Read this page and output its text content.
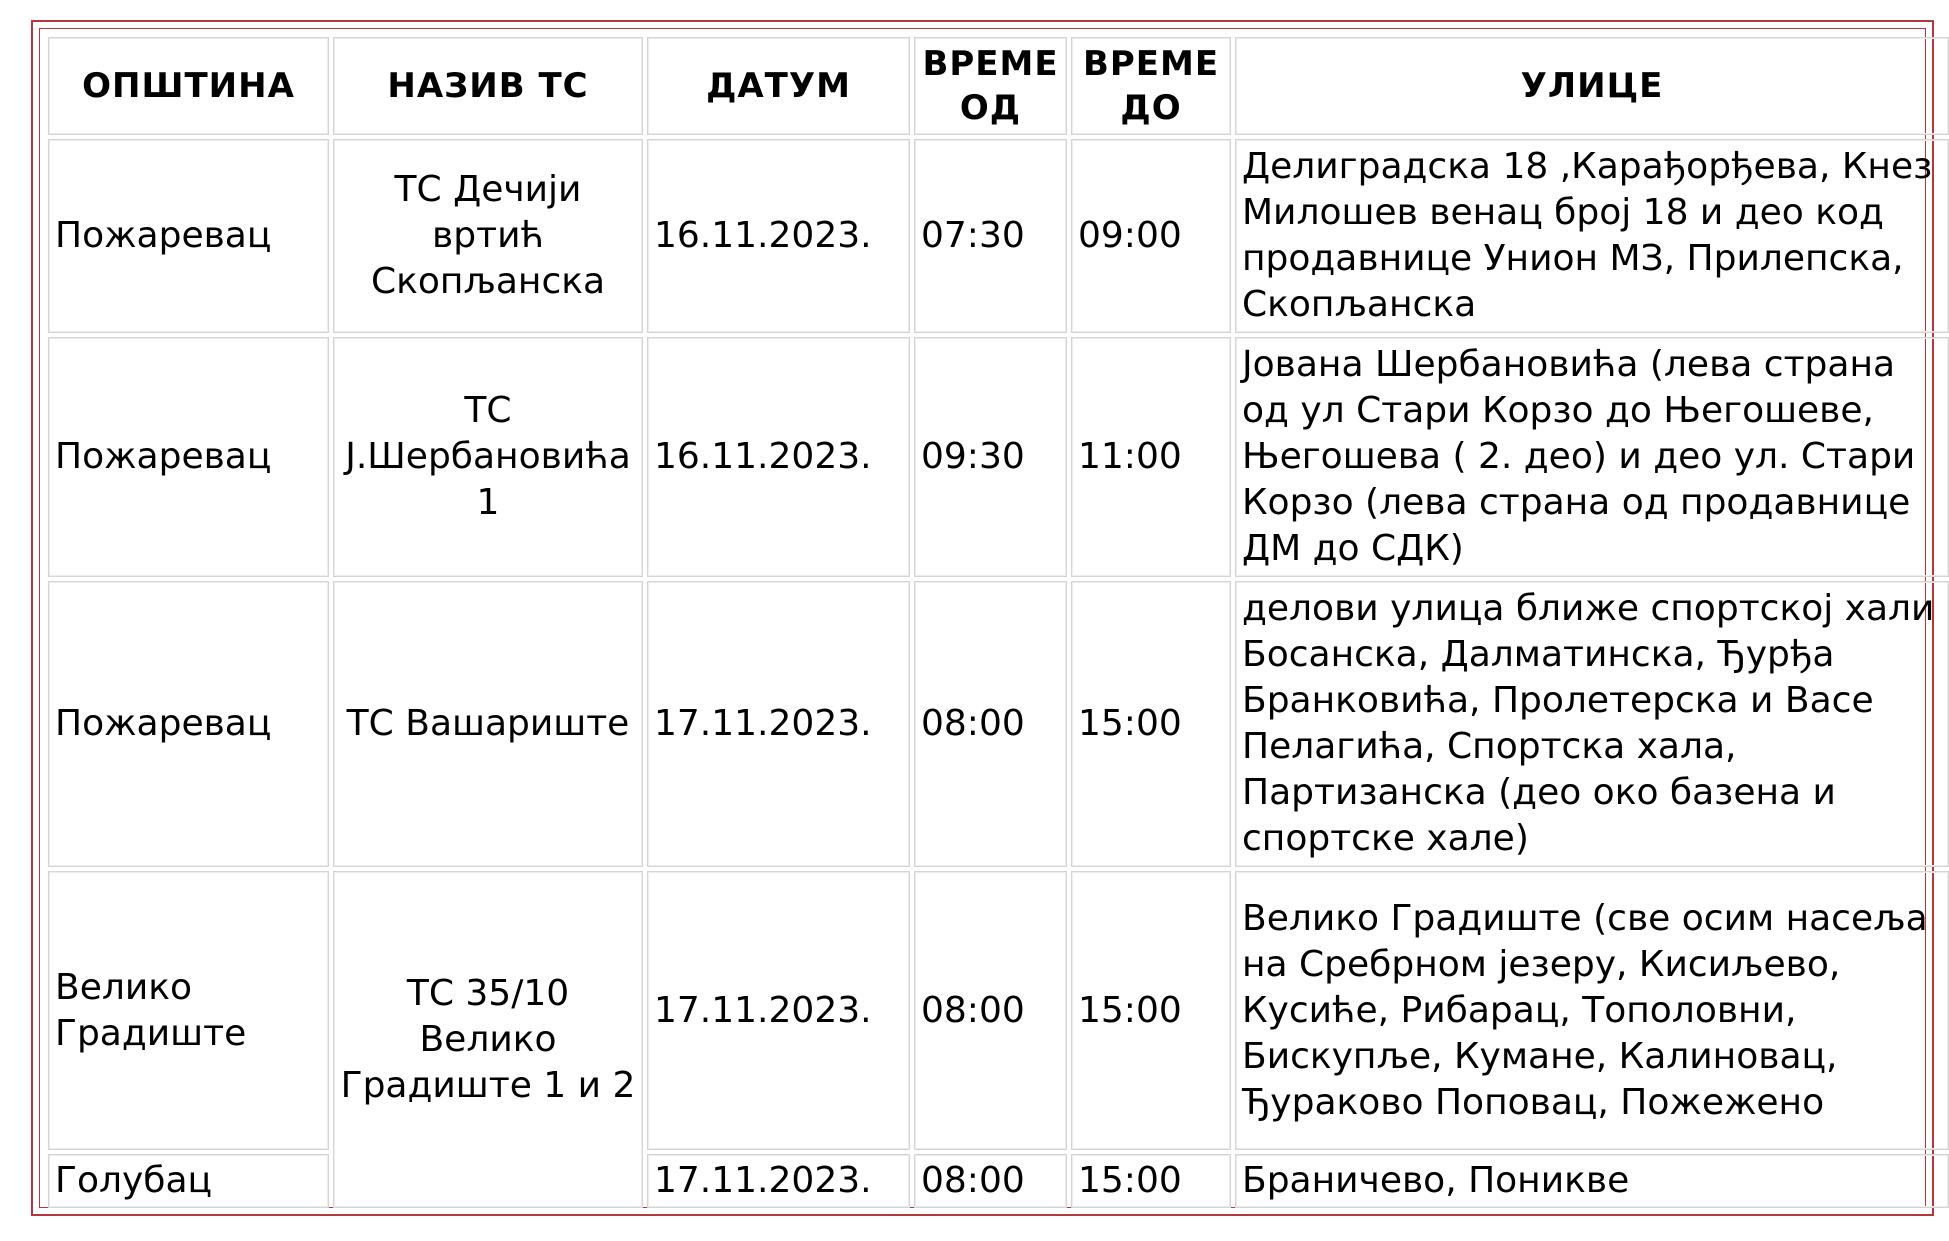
ОПШТИНА	НАЗИВ ТС	ДАТУМ	ВРЕМЕ ОД	ВРЕМЕ ДО	УЛИЦЕ
Пожаревац	ТС Дечији вртић Скопљанска	16.11.2023.	07:30	09:00	Делиградска 18 ,Карађорђева, Кнез Милошев венац број 18 и део код продавнице Унион МЗ, Прилепска, Скопљанска
Пожаревац	ТС Ј.Шербановића 1	16.11.2023.	09:30	11:00	Јована Шербановића (лева страна од ул Стари Корзо до Његошеве, Његошева ( 2. део) и део ул. Стари Корзо (лева страна од продавнице ДМ до СДК)
Пожаревац	ТС Вашариште	17.11.2023.	08:00	15:00	делови улица ближе спортској хали Босанска, Далматинска, Ђурђа Бранковића, Пролетерска и Васе Пелагића, Спортска хала, Партизанска (део око базена и спортске хале)
Велико Градиште	ТС 35/10 Велико Градиште 1 и 2	17.11.2023.	08:00	15:00	Велико Градиште (све осим насеља на Сребрном језеру, Кисиљево, Кусиће, Рибарац, Тополовни, Бискупље, Кумане, Калиновац, Ђураково Поповац, Пожежено
Голубац		17.11.2023.	08:00	15:00	Браничево, Поникве
